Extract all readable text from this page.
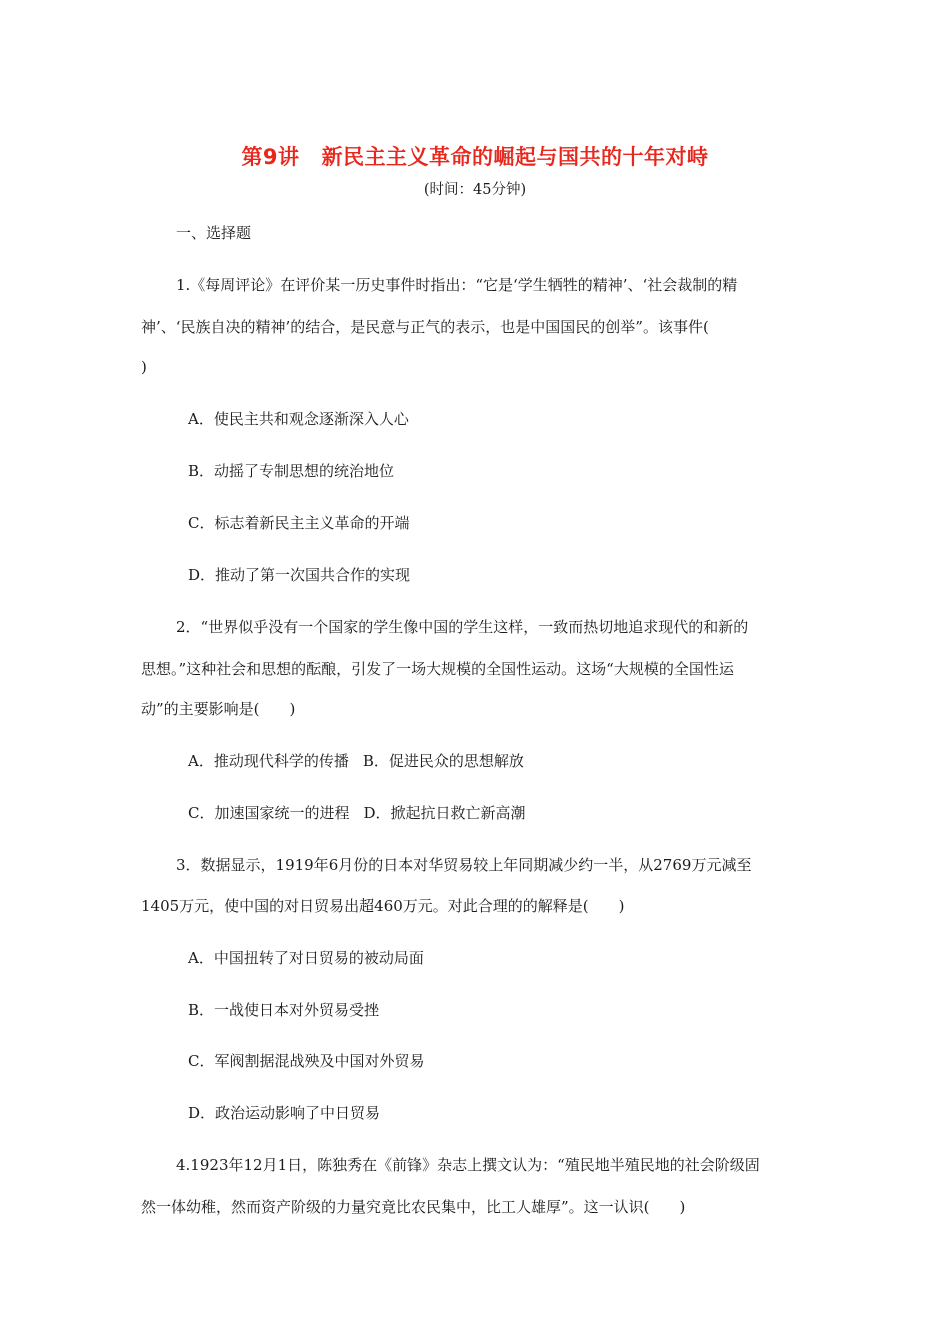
第9讲 新民主主义革命的崛起与国共的十年对峙
(时间：45分钟)
一、选择题
1.《每周评论》在评价某一历史事件时指出：“它是‘学生牺牲的精神’、‘社会裁制的精
神’、‘民族自决的精神’的结合，是民意与正气的表示，也是中国国民的创举”。该事件(
)
A．使民主共和观念逐渐深入人心
B．动摇了专制思想的统治地位
C．标志着新民主主义革命的开端
D．推动了第一次国共合作的实现
2．“世界似乎没有一个国家的学生像中国的学生这样，一致而热切地追求现代的和新的
思想。”这种社会和思想的酝酿，引发了一场大规模的全国性运动。这场“大规模的全国性运
动”的主要影响是(　　)
A．推动现代科学的传播 B．促进民众的思想解放
C．加速国家统一的进程 D．掀起抗日救亡新高潮
3．数据显示，1919年6月份的日本对华贸易较上年同期减少约一半，从2769万元减至
1405万元，使中国的对日贸易出超460万元。对此合理的的解释是(　　)
A．中国扭转了对日贸易的被动局面
B．一战使日本对外贸易受挫
C．军阀割据混战殃及中国对外贸易
D．政治运动影响了中日贸易
4.1923年12月1日，陈独秀在《前锋》杂志上撰文认为：“殖民地半殖民地的社会阶级固
然一体幼稚，然而资产阶级的力量究竟比农民集中，比工人雄厚”。这一认识(　　)
